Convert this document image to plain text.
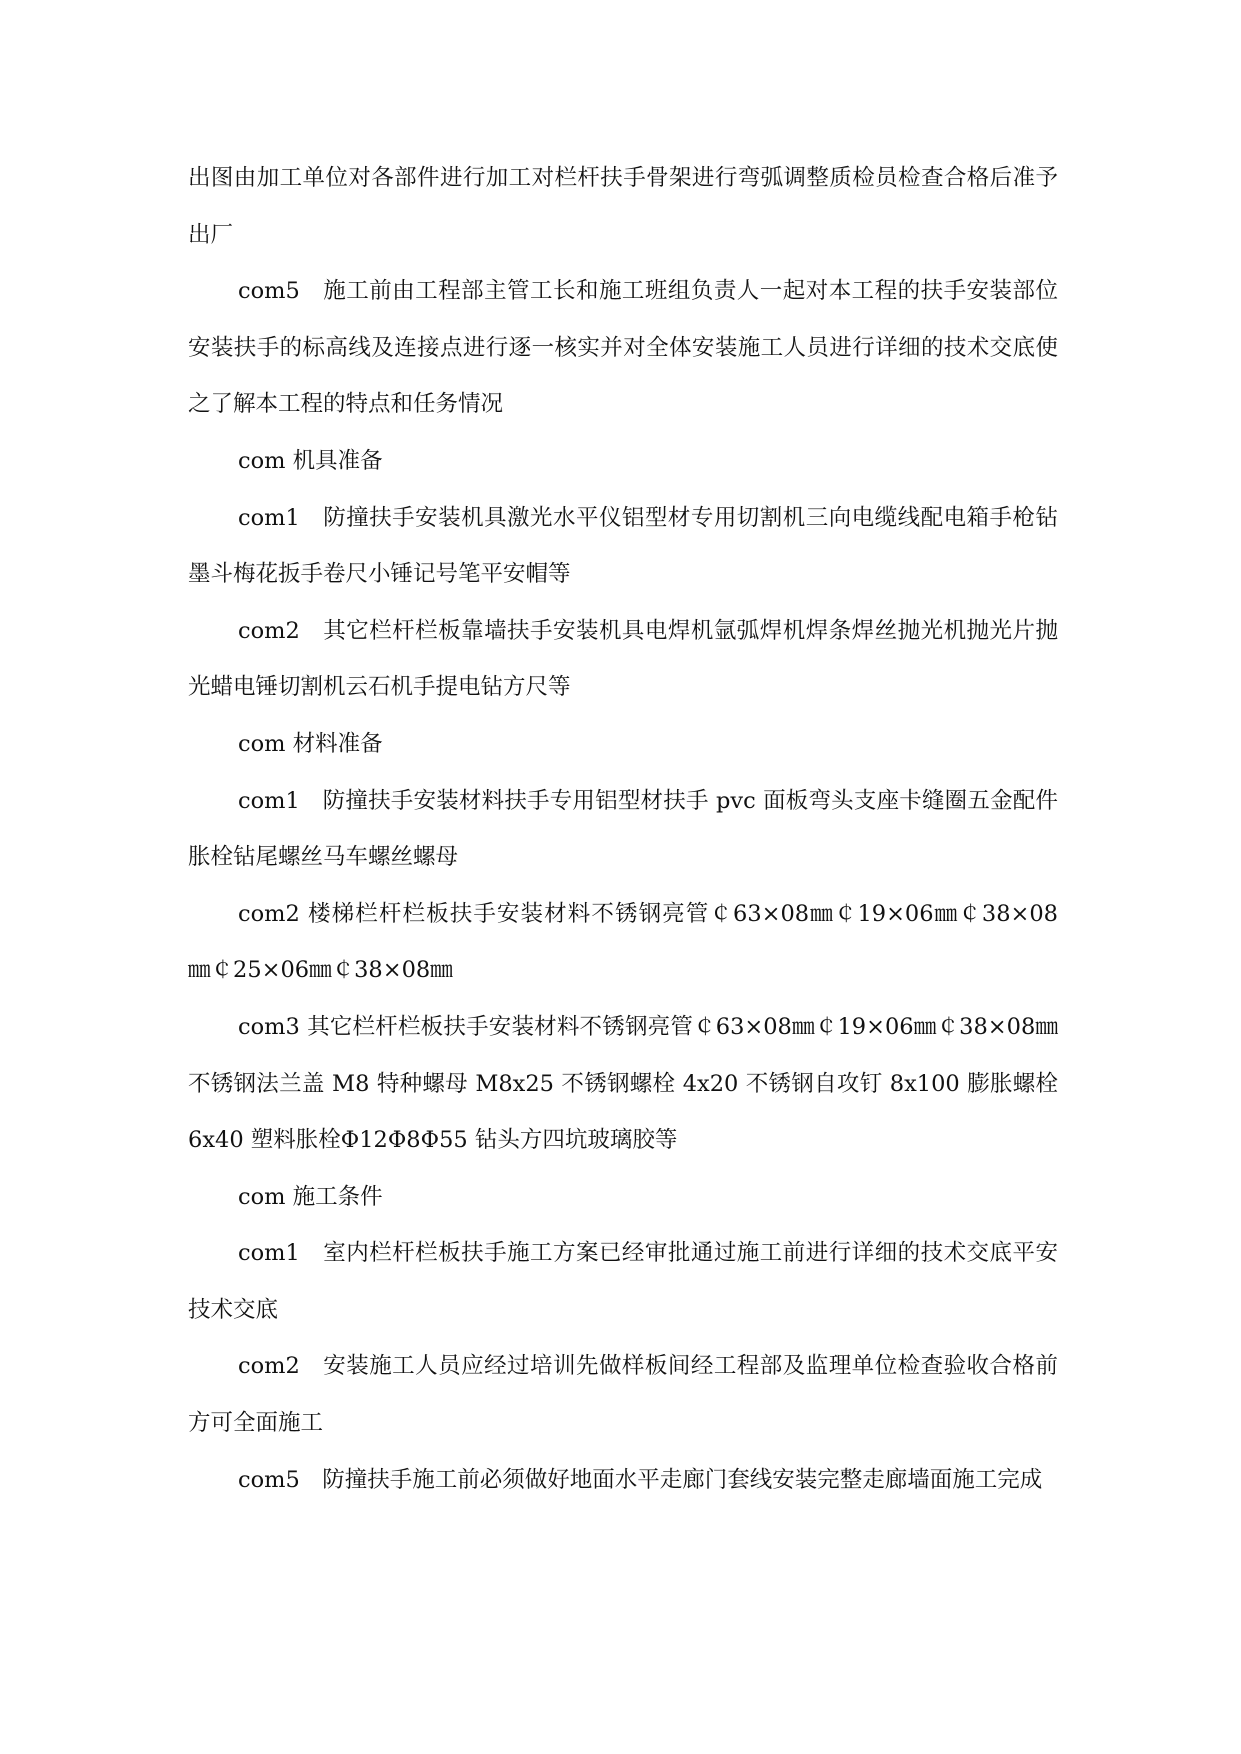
出图由加工单位对各部件进行加工对栏杆扶手骨架进行弯弧调整质检员检查合格后准予出厂

com5　施工前由工程部主管工长和施工班组负责人一起对本工程的扶手安装部位安装扶手的标高线及连接点进行逐一核实并对全体安装施工人员进行详细的技术交底使之了解本工程的特点和任务情况

com 机具准备

com1　防撞扶手安装机具激光水平仪铝型材专用切割机三向电缆线配电箱手枪钻墨斗梅花扳手卷尺小锤记号笔平安帽等

com2　其它栏杆栏板靠墙扶手安装机具电焊机氩弧焊机焊条焊丝抛光机抛光片抛光蜡电锤切割机云石机手提电钻方尺等

com 材料准备

com1　防撞扶手安装材料扶手专用铝型材扶手 pvc 面板弯头支座卡缝圈五金配件胀栓钻尾螺丝马车螺丝螺母

com2 楼梯栏杆栏板扶手安装材料不锈钢亮管￠63×08㎜￠19×06㎜￠38×08㎜￠25×06㎜￠38×08㎜

com3 其它栏杆栏板扶手安装材料不锈钢亮管￠63×08㎜￠19×06㎜￠38×08㎜ 不锈钢法兰盖 M8 特种螺母 M8x25 不锈钢螺栓 4x20 不锈钢自攻钉 8x100 膨胀螺栓 6x40 塑料胀栓Φ12Φ8Φ55 钻头方四坑玻璃胶等

com 施工条件

com1　室内栏杆栏板扶手施工方案已经审批通过施工前进行详细的技术交底平安技术交底

com2　安装施工人员应经过培训先做样板间经工程部及监理单位检查验收合格前方可全面施工

com5　防撞扶手施工前必须做好地面水平走廊门套线安装完整走廊墙面施工完成
